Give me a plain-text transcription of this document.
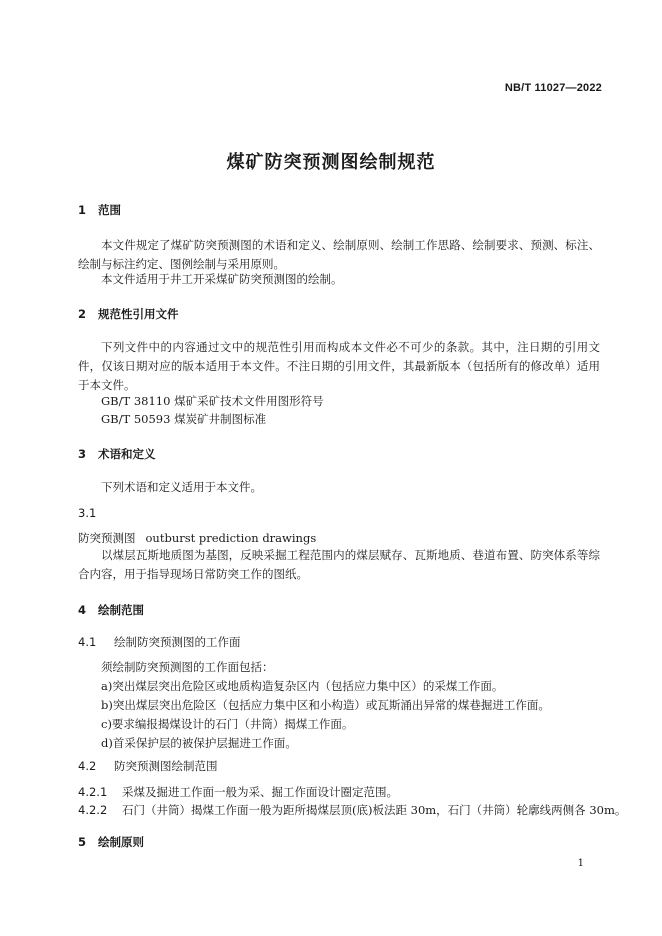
NB/T 11027—2022
煤矿防突预测图绘制规范
1 范围
本文件规定了煤矿防突预测图的术语和定义、绘制原则、绘制工作思路、绘制要求、预测、标注、绘制与标注约定、图例绘制与采用原则。
本文件适用于井工开采煤矿防突预测图的绘制。
2 规范性引用文件
下列文件中的内容通过文中的规范性引用而构成本文件必不可少的条款。其中，注日期的引用文件，仅该日期对应的版本适用于本文件。不注日期的引用文件，其最新版本（包括所有的修改单）适用于本文件。
GB/T 38110 煤矿采矿技术文件用图形符号
GB/T 50593 煤炭矿井制图标准
3 术语和定义
下列术语和定义适用于本文件。
3.1
防突预测图 outburst prediction drawings
以煤层瓦斯地质图为基图，反映采掘工程范围内的煤层赋存、瓦斯地质、巷道布置、防突体系等综合内容，用于指导现场日常防突工作的图纸。
4 绘制范围
4.1 绘制防突预测图的工作面
须绘制防突预测图的工作面包括：
a)突出煤层突出危险区或地质构造复杂区内（包括应力集中区）的采煤工作面。
b)突出煤层突出危险区（包括应力集中区和小构造）或瓦斯涌出异常的煤巷掘进工作面。
c)要求编报揭煤设计的石门（井筒）揭煤工作面。
d)首采保护层的被保护层掘进工作面。
4.2 防突预测图绘制范围
4.2.1 采煤及掘进工作面一般为采、掘工作面设计圈定范围。
4.2.2 石门（井筒）揭煤工作面一般为距所揭煤层顶(底)板法距 30m，石门（井筒）轮廓线两侧各 30m。
5 绘制原则
1
